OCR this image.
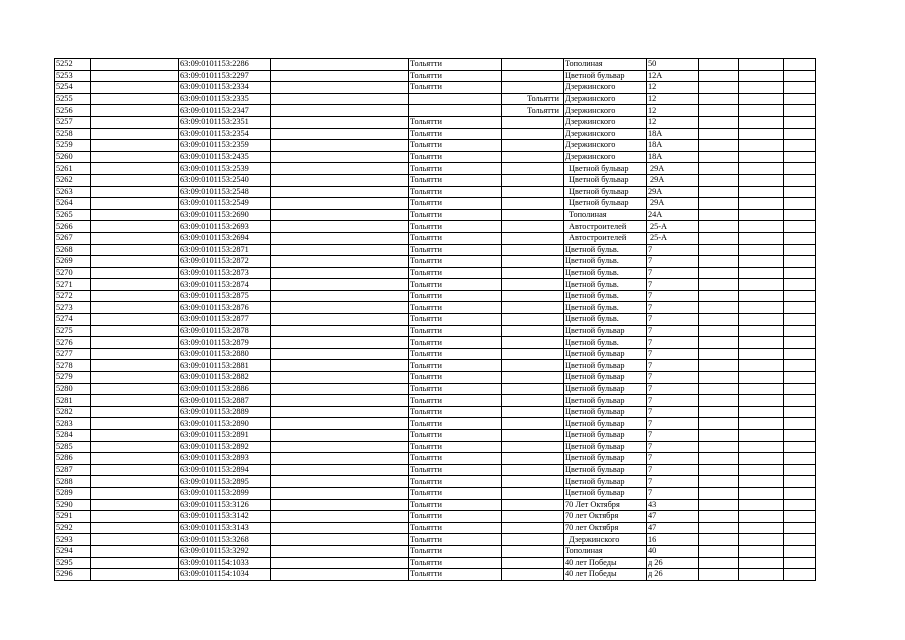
5252		63:09:0101153:2286		Тольятти		Тополиная	50			
5253		63:09:0101153:2297		Тольятти		Цветной бульвар	12А			
5254		63:09:0101153:2334		Тольятти		Дзержинского	12			
5255		63:09:0101153:2335			Тольятти	Дзержинского	12			
5256		63:09:0101153:2347			Тольятти	Дзержинского	12			
5257		63:09:0101153:2351		Тольятти		Дзержинского	12			
5258		63:09:0101153:2354		Тольятти		Дзержинского	18А			
5259		63:09:0101153:2359		Тольятти		Дзержинского	18А			
5260		63:09:0101153:2435		Тольятти		Дзержинского	18А			
5261		63:09:0101153:2539		Тольятти		Цветной бульвар	29А			
5262		63:09:0101153:2540		Тольятти		Цветной бульвар	29А			
5263		63:09:0101153:2548		Тольятти		Цветной бульвар	29А			
5264		63:09:0101153:2549		Тольятти		Цветной бульвар	29А			
5265		63:09:0101153:2690		Тольятти		Тополиная	24А			
5266		63:09:0101153:2693		Тольятти		Автостроителей	25-А			
5267		63:09:0101153:2694		Тольятти		Автостроителей	25-А			
5268		63:09:0101153:2871		Тольятти		Цветной бульв.	7			
5269		63:09:0101153:2872		Тольятти		Цветной бульв.	7			
5270		63:09:0101153:2873		Тольятти		Цветной бульв.	7			
5271		63:09:0101153:2874		Тольятти		Цветной бульв.	7			
5272		63:09:0101153:2875		Тольятти		Цветной бульв.	7			
5273		63:09:0101153:2876		Тольятти		Цветной бульв.	7			
5274		63:09:0101153:2877		Тольятти		Цветной бульв.	7			
5275		63:09:0101153:2878		Тольятти		Цветной бульвар	7			
5276		63:09:0101153:2879		Тольятти		Цветной бульв.	7			
5277		63:09:0101153:2880		Тольятти		Цветной бульвар	7			
5278		63:09:0101153:2881		Тольятти		Цветной бульвар	7			
5279		63:09:0101153:2882		Тольятти		Цветной бульвар	7			
5280		63:09:0101153:2886		Тольятти		Цветной бульвар	7			
5281		63:09:0101153:2887		Тольятти		Цветной бульвар	7			
5282		63:09:0101153:2889		Тольятти		Цветной бульвар	7			
5283		63:09:0101153:2890		Тольятти		Цветной бульвар	7			
5284		63:09:0101153:2891		Тольятти		Цветной бульвар	7			
5285		63:09:0101153:2892		Тольятти		Цветной бульвар	7			
5286		63:09:0101153:2893		Тольятти		Цветной бульвар	7			
5287		63:09:0101153:2894		Тольятти		Цветной бульвар	7			
5288		63:09:0101153:2895		Тольятти		Цветной бульвар	7			
5289		63:09:0101153:2899		Тольятти		Цветной бульвар	7			
5290		63:09:0101153:3126		Тольятти		70 Лет Октября	43			
5291		63:09:0101153:3142		Тольятти		70 лет Октября	47			
5292		63:09:0101153:3143		Тольятти		70 лет Октября	47			
5293		63:09:0101153:3268		Тольятти		Дзержинского	16			
5294		63:09:0101153:3292		Тольятти		Тополиная	40			
5295		63:09:0101154:1033		Тольятти		40 лет Победы	д 26			
5296		63:09:0101154:1034		Тольятти		40 лет Победы	д 26			
